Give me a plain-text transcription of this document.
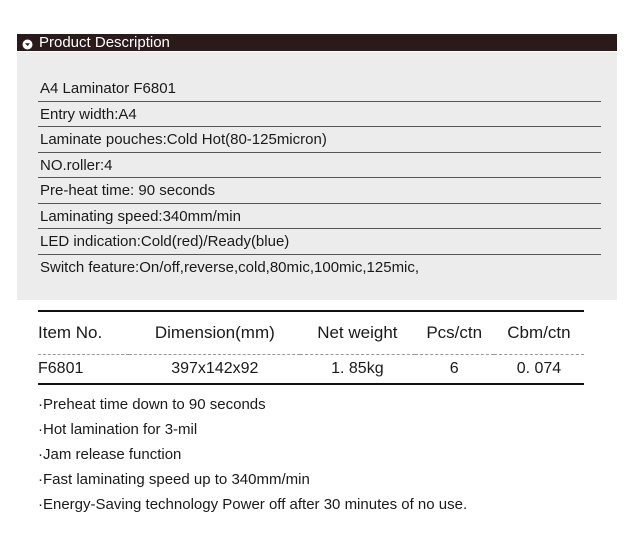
Product Description
A4 Laminator F6801
Entry width:A4
Laminate pouches:Cold Hot(80-125micron)
NO.roller:4
Pre-heat time: 90 seconds
Laminating speed:340mm/min
LED indication:Cold(red)/Ready(blue)
Switch feature:On/off,reverse,cold,80mic,100mic,125mic,
Item No.	Dimension(mm)	Net weight	Pcs/ctn	Cbm/ctn
F6801	397x142x92	1. 85kg	6	0. 074
·Preheat time down to 90 seconds
·Hot lamination for 3-mil
·Jam release function
·Fast laminating speed up to 340mm/min
·Energy-Saving technology Power off after 30 minutes of no use.
